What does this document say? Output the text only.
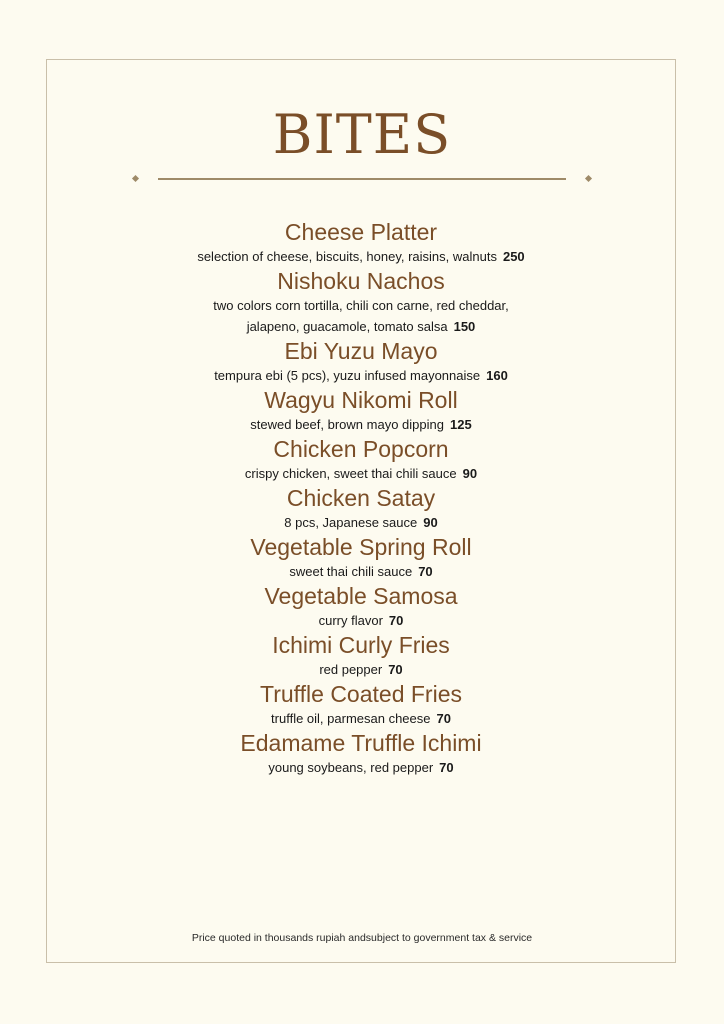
BITES
Cheese Platter
selection of cheese, biscuits, honey, raisins, walnuts 250
Nishoku Nachos
two colors corn tortilla, chili con carne, red cheddar,
jalapeno, guacamole, tomato salsa 150
Ebi Yuzu Mayo
tempura ebi (5 pcs), yuzu infused mayonnaise 160
Wagyu Nikomi Roll
stewed beef, brown mayo dipping 125
Chicken Popcorn
crispy chicken, sweet thai chili sauce 90
Chicken Satay
8 pcs, Japanese sauce 90
Vegetable Spring Roll
sweet thai chili sauce 70
Vegetable Samosa
curry flavor 70
Ichimi Curly Fries
red pepper 70
Truffle Coated Fries
truffle oil, parmesan cheese 70
Edamame Truffle Ichimi
young soybeans, red pepper 70
Price quoted in thousands rupiah andsubject to government tax & service
